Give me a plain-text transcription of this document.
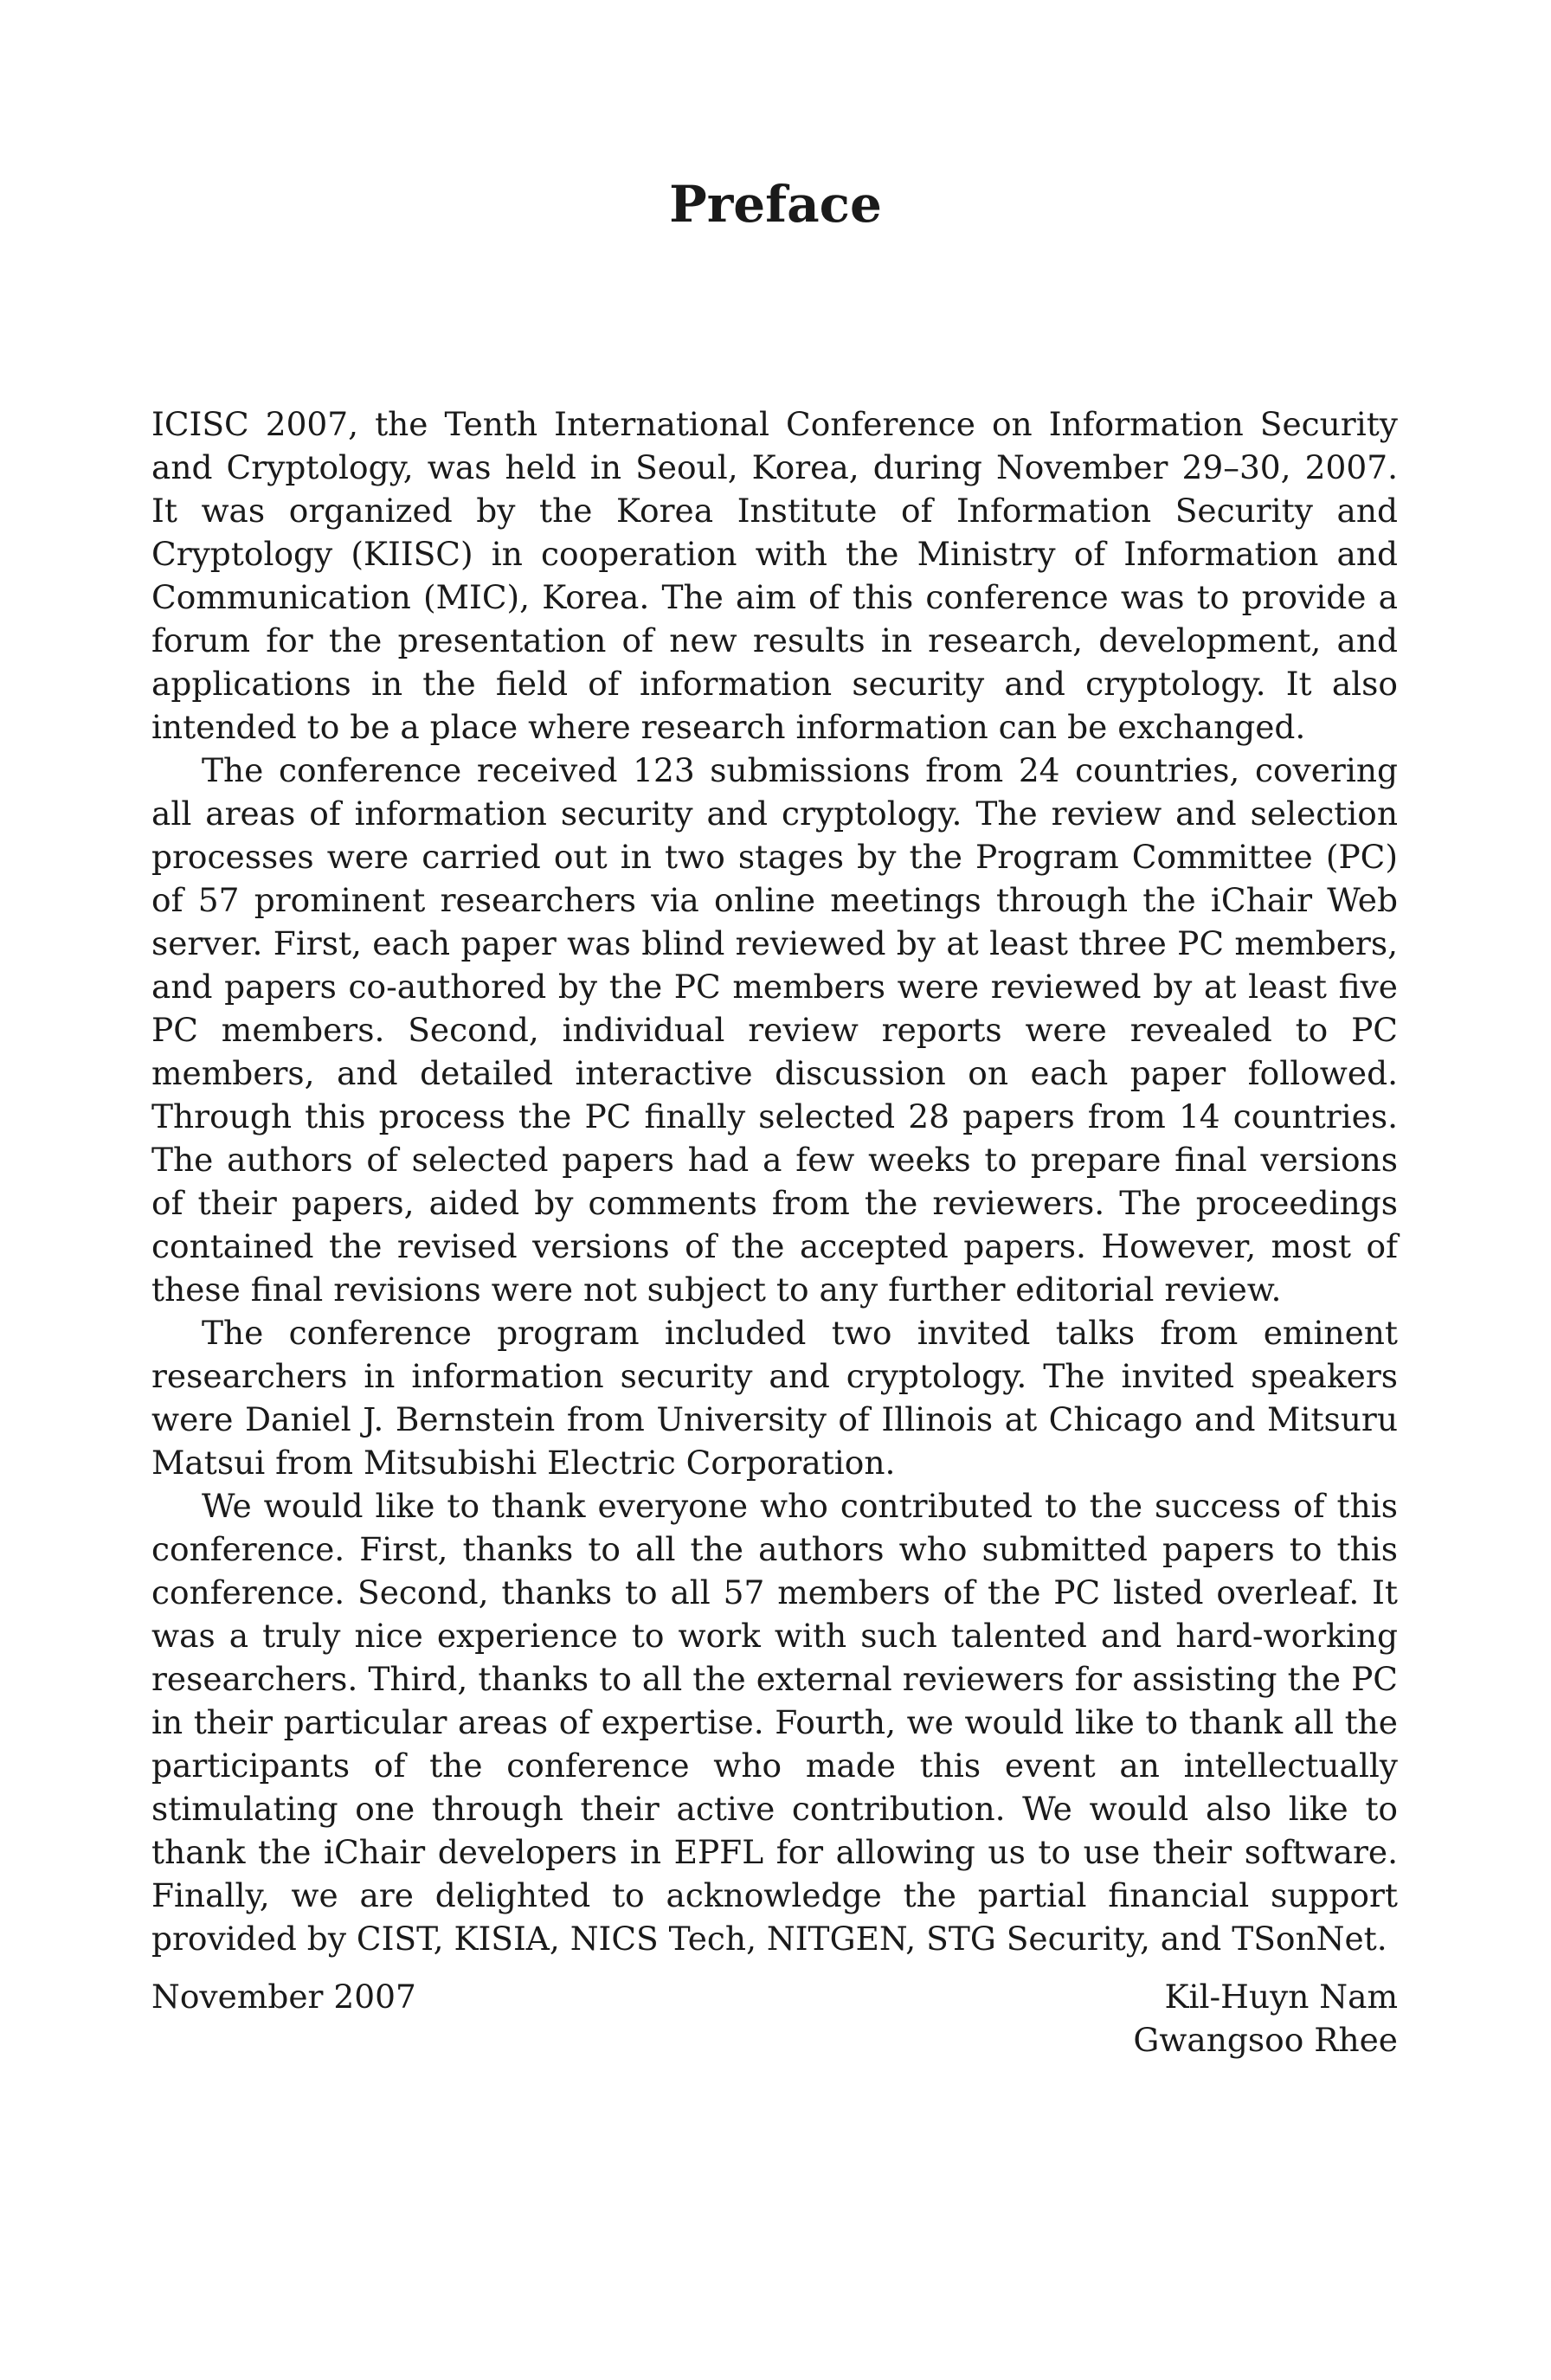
Preface

ICISC 2007, the Tenth International Conference on Information Security and Cryptology, was held in Seoul, Korea, during November 29–30, 2007. It was organized by the Korea Institute of Information Security and Cryptology (KIISC) in cooperation with the Ministry of Information and Communication (MIC), Korea. The aim of this conference was to provide a forum for the presentation of new results in research, development, and applications in the field of information security and cryptology. It also intended to be a place where research information can be exchanged.

The conference received 123 submissions from 24 countries, covering all areas of information security and cryptology. The review and selection processes were carried out in two stages by the Program Committee (PC) of 57 prominent researchers via online meetings through the iChair Web server. First, each paper was blind reviewed by at least three PC members, and papers co-authored by the PC members were reviewed by at least five PC members. Second, individual review reports were revealed to PC members, and detailed interactive discussion on each paper followed. Through this process the PC finally selected 28 papers from 14 countries. The authors of selected papers had a few weeks to prepare final versions of their papers, aided by comments from the reviewers. The proceedings contained the revised versions of the accepted papers. However, most of these final revisions were not subject to any further editorial review.

The conference program included two invited talks from eminent researchers in information security and cryptology. The invited speakers were Daniel J. Bernstein from University of Illinois at Chicago and Mitsuru Matsui from Mitsubishi Electric Corporation.

We would like to thank everyone who contributed to the success of this conference. First, thanks to all the authors who submitted papers to this conference. Second, thanks to all 57 members of the PC listed overleaf. It was a truly nice experience to work with such talented and hard-working researchers. Third, thanks to all the external reviewers for assisting the PC in their particular areas of expertise. Fourth, we would like to thank all the participants of the conference who made this event an intellectually stimulating one through their active contribution. We would also like to thank the iChair developers in EPFL for allowing us to use their software. Finally, we are delighted to acknowledge the partial financial support provided by CIST, KISIA, NICS Tech, NITGEN, STG Security, and TSonNet.

November 2007	Kil-Huyn Nam
Gwangsoo Rhee
